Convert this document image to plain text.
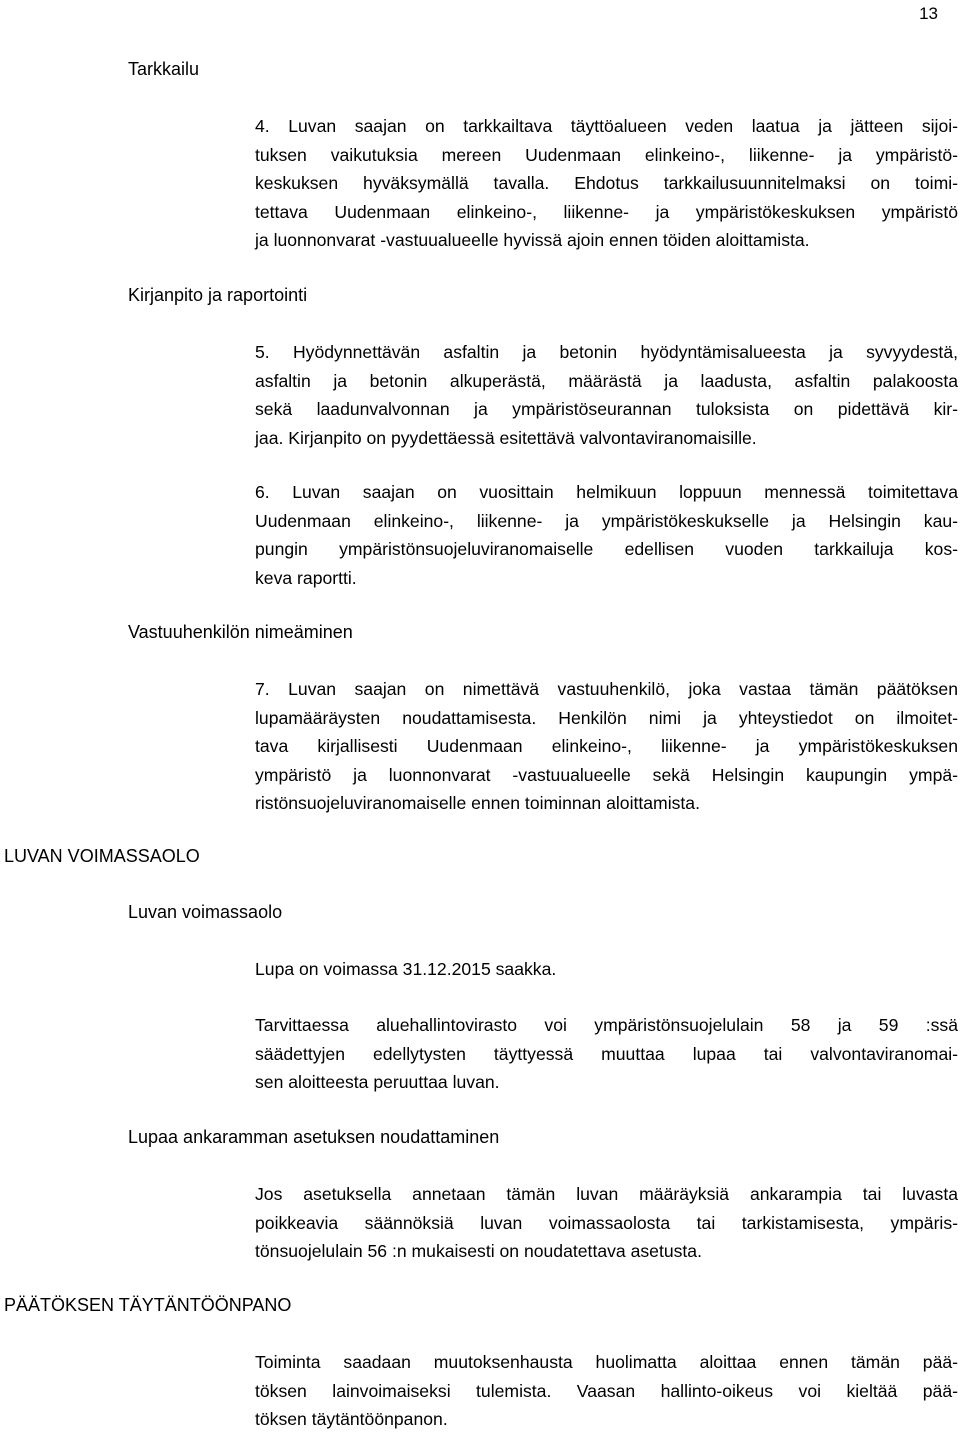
13
Tarkkailu
4. Luvan saajan on tarkkailtava täyttöalueen veden laatua ja jätteen sijoi-
tuksen vaikutuksia mereen Uudenmaan elinkeino-, liikenne- ja ympäristö-
keskuksen hyväksymällä tavalla. Ehdotus tarkkailusuunnitelmaksi on toimi-
tettava Uudenmaan elinkeino-, liikenne- ja ympäristökeskuksen ympäristö
ja luonnonvarat -vastuualueelle hyvissä ajoin ennen töiden aloittamista.
Kirjanpito ja raportointi
5. Hyödynnettävän asfaltin ja betonin hyödyntämisalueesta ja syvyydestä,
asfaltin ja betonin alkuperästä, määrästä ja laadusta, asfaltin palakoosta
sekä laadunvalvonnan ja ympäristöseurannan tuloksista on pidettävä kir-
jaa. Kirjanpito on pyydettäessä esitettävä valvontaviranomaisille.
6. Luvan saajan on vuosittain helmikuun loppuun mennessä toimitettava
Uudenmaan elinkeino-, liikenne- ja ympäristökeskukselle ja Helsingin kau-
pungin ympäristönsuojeluviranomaiselle edellisen vuoden tarkkailuja kos-
keva raportti.
Vastuuhenkilön nimeäminen
7. Luvan saajan on nimettävä vastuuhenkilö, joka vastaa tämän päätöksen
lupamääräysten noudattamisesta. Henkilön nimi ja yhteystiedot on ilmoitet-
tava kirjallisesti Uudenmaan elinkeino-, liikenne- ja ympäristökeskuksen
ympäristö ja luonnonvarat -vastuualueelle sekä Helsingin kaupungin ympä-
ristönsuojeluviranomaiselle ennen toiminnan aloittamista.
LUVAN VOIMASSAOLO
Luvan voimassaolo
Lupa on voimassa 31.12.2015 saakka.
Tarvittaessa aluehallintovirasto voi ympäristönsuojelulain 58 ja 59 :ssä
säädettyjen edellytysten täyttyessä muuttaa lupaa tai valvontaviranomai-
sen aloitteesta peruuttaa luvan.
Lupaa ankaramman asetuksen noudattaminen
Jos asetuksella annetaan tämän luvan määräyksiä ankarampia tai luvasta
poikkeavia säännöksiä luvan voimassaolosta tai tarkistamisesta, ympäris-
tönsuojelulain 56 :n mukaisesti on noudatettava asetusta.
PÄÄTÖKSEN TÄYTÄNTÖÖNPANO
Toiminta saadaan muutoksenhausta huolimatta aloittaa ennen tämän pää-
töksen lainvoimaiseksi tulemista. Vaasan hallinto-oikeus voi kieltää pää-
töksen täytäntöönpanon.
